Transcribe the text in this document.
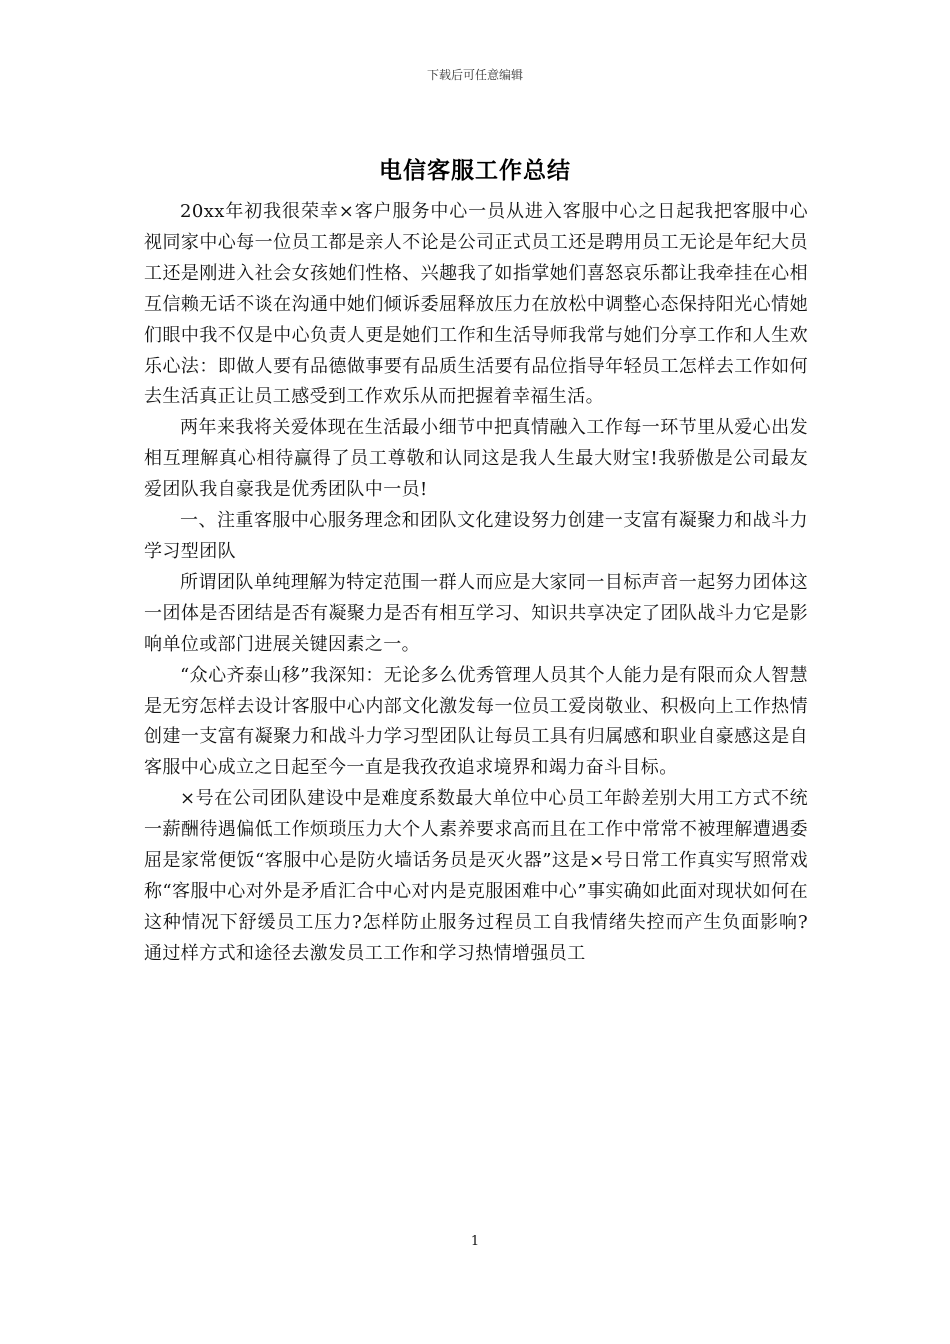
下载后可任意编辑
电信客服工作总结

20xx年初我很荣幸×客户服务中心一员从进入客服中心之日起我把客服中心视同家中心每一位员工都是亲人不论是公司正式员工还是聘用员工无论是年纪大员工还是刚进入社会女孩她们性格、兴趣我了如指掌她们喜怒哀乐都让我牵挂在心相互信赖无话不谈在沟通中她们倾诉委屈释放压力在放松中调整心态保持阳光心情她们眼中我不仅是中心负责人更是她们工作和生活导师我常与她们分享工作和人生欢乐心法：即做人要有品德做事要有品质生活要有品位指导年轻员工怎样去工作如何去生活真正让员工感受到工作欢乐从而把握着幸福生活。

两年来我将关爱体现在生活最小细节中把真情融入工作每一环节里从爱心出发相互理解真心相待赢得了员工尊敬和认同这是我人生最大财宝!我骄傲是公司最友爱团队我自豪我是优秀团队中一员!

一、注重客服中心服务理念和团队文化建设努力创建一支富有凝聚力和战斗力学习型团队

所谓团队单纯理解为特定范围一群人而应是大家同一目标声音一起努力团体这一团体是否团结是否有凝聚力是否有相互学习、知识共享决定了团队战斗力它是影响单位或部门进展关键因素之一。

“众心齐泰山移”我深知：无论多么优秀管理人员其个人能力是有限而众人智慧是无穷怎样去设计客服中心内部文化激发每一位员工爱岗敬业、积极向上工作热情创建一支富有凝聚力和战斗力学习型团队让每员工具有归属感和职业自豪感这是自客服中心成立之日起至今一直是我孜孜追求境界和竭力奋斗目标。

×号在公司团队建设中是难度系数最大单位中心员工年龄差别大用工方式不统一薪酬待遇偏低工作烦琐压力大个人素养要求高而且在工作中常常不被理解遭遇委屈是家常便饭“客服中心是防火墙话务员是灭火器”这是×号日常工作真实写照常戏称“客服中心对外是矛盾汇合中心对内是克服困难中心”事实确如此面对现状如何在这种情况下舒缓员工压力?怎样防止服务过程员工自我情绪失控而产生负面影响?通过样方式和途径去激发员工工作和学习热情增强员工

1
